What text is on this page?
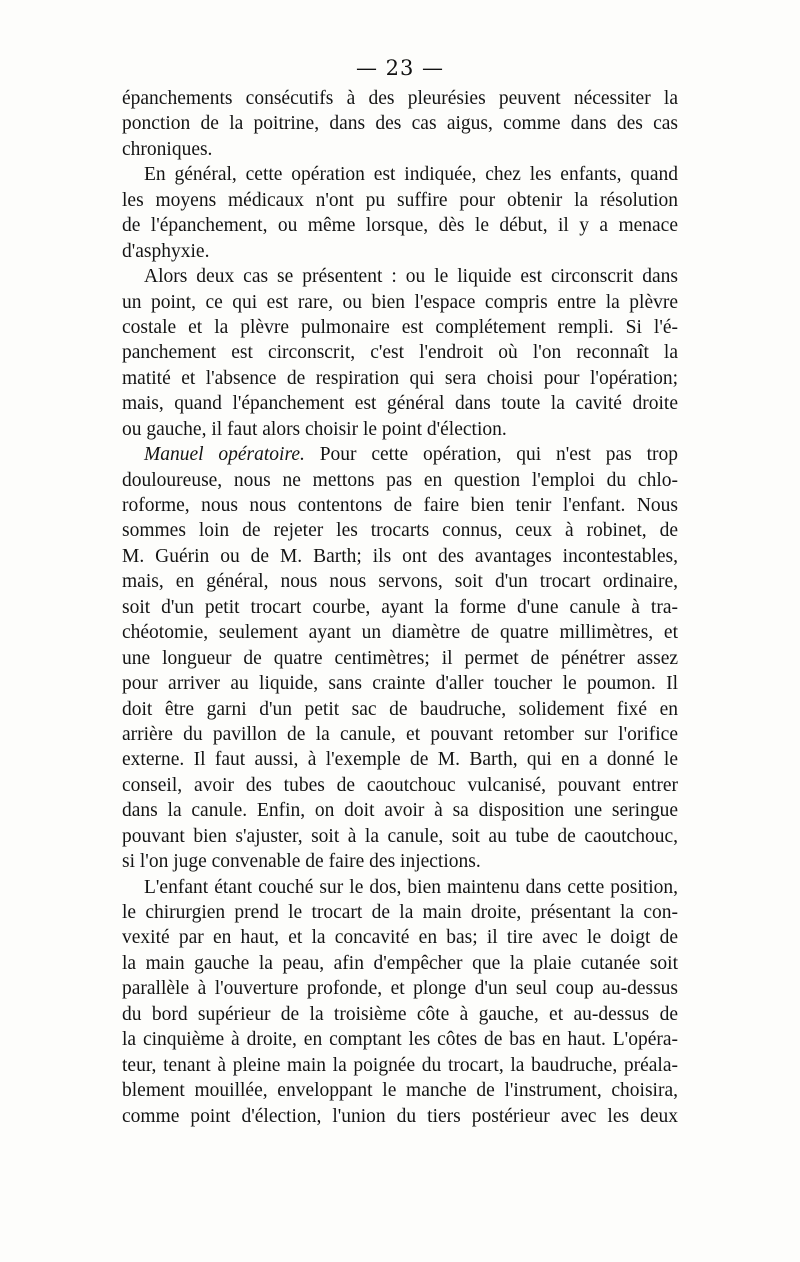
— 23 —
épanchements consécutifs à des pleurésies peuvent nécessiter la
ponction de la poitrine, dans des cas aigus, comme dans des cas
chroniques.
En général, cette opération est indiquée, chez les enfants, quand
les moyens médicaux n'ont pu suffire pour obtenir la résolution
de l'épanchement, ou même lorsque, dès le début, il y a menace
d'asphyxie.
Alors deux cas se présentent : ou le liquide est circonscrit dans
un point, ce qui est rare, ou bien l'espace compris entre la plèvre
costale et la plèvre pulmonaire est complétement rempli. Si l'é-
panchement est circonscrit, c'est l'endroit où l'on reconnaît la
matité et l'absence de respiration qui sera choisi pour l'opération;
mais, quand l'épanchement est général dans toute la cavité droite
ou gauche, il faut alors choisir le point d'élection.
Manuel opératoire. Pour cette opération, qui n'est pas trop
douloureuse, nous ne mettons pas en question l'emploi du chlo-
roforme, nous nous contentons de faire bien tenir l'enfant. Nous
sommes loin de rejeter les trocarts connus, ceux à robinet, de
M. Guérin ou de M. Barth; ils ont des avantages incontestables,
mais, en général, nous nous servons, soit d'un trocart ordinaire,
soit d'un petit trocart courbe, ayant la forme d'une canule à tra-
chéotomie, seulement ayant un diamètre de quatre millimètres, et
une longueur de quatre centimètres; il permet de pénétrer assez
pour arriver au liquide, sans crainte d'aller toucher le poumon. Il
doit être garni d'un petit sac de baudruche, solidement fixé en
arrière du pavillon de la canule, et pouvant retomber sur l'orifice
externe. Il faut aussi, à l'exemple de M. Barth, qui en a donné le
conseil, avoir des tubes de caoutchouc vulcanisé, pouvant entrer
dans la canule. Enfin, on doit avoir à sa disposition une seringue
pouvant bien s'ajuster, soit à la canule, soit au tube de caoutchouc,
si l'on juge convenable de faire des injections.
L'enfant étant couché sur le dos, bien maintenu dans cette position,
le chirurgien prend le trocart de la main droite, présentant la con-
vexité par en haut, et la concavité en bas; il tire avec le doigt de
la main gauche la peau, afin d'empêcher que la plaie cutanée soit
parallèle à l'ouverture profonde, et plonge d'un seul coup au-dessus
du bord supérieur de la troisième côte à gauche, et au-dessus de
la cinquième à droite, en comptant les côtes de bas en haut. L'opéra-
teur, tenant à pleine main la poignée du trocart, la baudruche, préala-
blement mouillée, enveloppant le manche de l'instrument, choisira,
comme point d'élection, l'union du tiers postérieur avec les deux
